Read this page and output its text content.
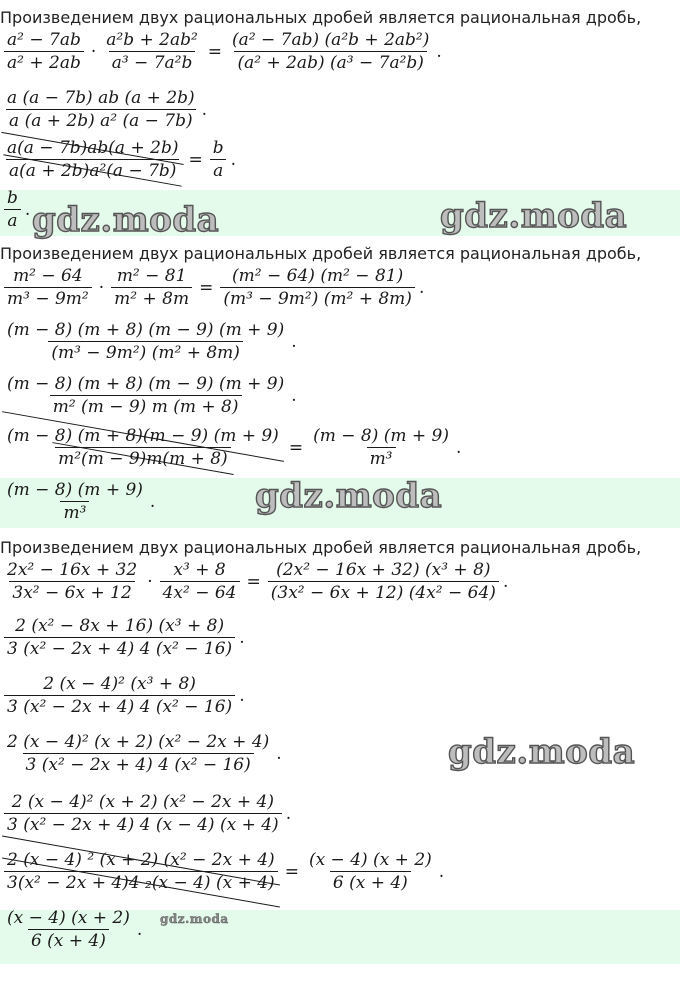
Произведением двух рациональных дробей является рациональная дробь,
$\frac{\text{a² − 7ab}}{\text{a² + 2ab}} \cdot \frac{\text{a²b + 2ab²}}{\text{a³ − 7a²b}} = \frac{\text{(a² − 7ab) (a²b + 2ab²)}}{\text{(a² + 2ab) (a³ − 7a²b)}}$ .
$\frac{a (a - 7b) ab (a + 2b)}{\text{a (a + 2b) a² (a − 7b)}}$ .
$\frac{a(a - 7b)ab(a + 2b)}{\text{a(a + 2b)a²(a − 7b)}} = \frac{b}{a}$ .
$\frac{b}{a}$ . gdz.moda	gdz.moda
Произведением двух рациональных дробей является рациональная дробь,
$\frac{\text{m² − 64}}{\text{m³ − 9m²}} \cdot \frac{\text{m² − 81}}{\text{m² + 8m}} = \frac{\text{(m² − 64) (m² − 81)}}{\text{(m³ − 9m²) (m² + 8m)}}$ .
$\frac{(m - 8) (m + 8) (m - 9) (m + 9)}{\text{(m³ − 9m²) (m² + 8m)}}$ .
$\frac{(m - 8) (m + 8) (m - 9) (m + 9)}{\text{m² (m − 9) m (m + 8)}}$ .
$\frac{(m - 8) (m + 8)(m - 9) (m + 9)}{\text{m²(m − 9)m(m + 8)}} = \frac{(m - 8) (m + 9)}{\text{m³}}$ .
$\frac{(m - 8) (m + 9)}{\text{m³}}$ .	gdz.moda
Произведением двух рациональных дробей является рациональная дробь,
$\frac{\text{2x² − 16x + 32}}{\text{3x² − 6x + 12}} \cdot \frac{\text{x³ + 8}}{\text{4x² − 64}} = \frac{\text{(2x² − 16x + 32) (x³ + 8)}}{\text{(3x² − 6x + 12) (4x² − 64)}}$ .
$\frac{\text{2 (x² − 8x + 16) (x³ + 8)}}{\text{3 (x² − 2x + 4) 4 (x² − 16)}}$ .
$\frac{\text{2 (x − 4)² (x³ + 8)}}{\text{3 (x² − 2x + 4) 4 (x² − 16)}}$ .
$\frac{\text{2 (x − 4)² (x + 2) (x² − 2x + 4)}}{\text{3 (x² − 2x + 4) 4 (x² − 16)}}$ .	gdz.moda
$\frac{\text{2 (x − 4)² (x + 2) (x² − 2x + 4)}}{\text{3 (x² − 2x + 4) 4 (x − 4) (x + 4)}}$ .
$\frac{\text{2 (x − 4) ² (x + 2) (x² − 2x + 4)}}{\text{3(x² − 2x + 4)4 ₂(x − 4) (x + 4)}} = \frac{(x - 4) (x + 2)}{6 (x + 4)}$ .
$\frac{(x - 4) (x + 2)}{6 (x + 4)}$ .
gdz.moda
